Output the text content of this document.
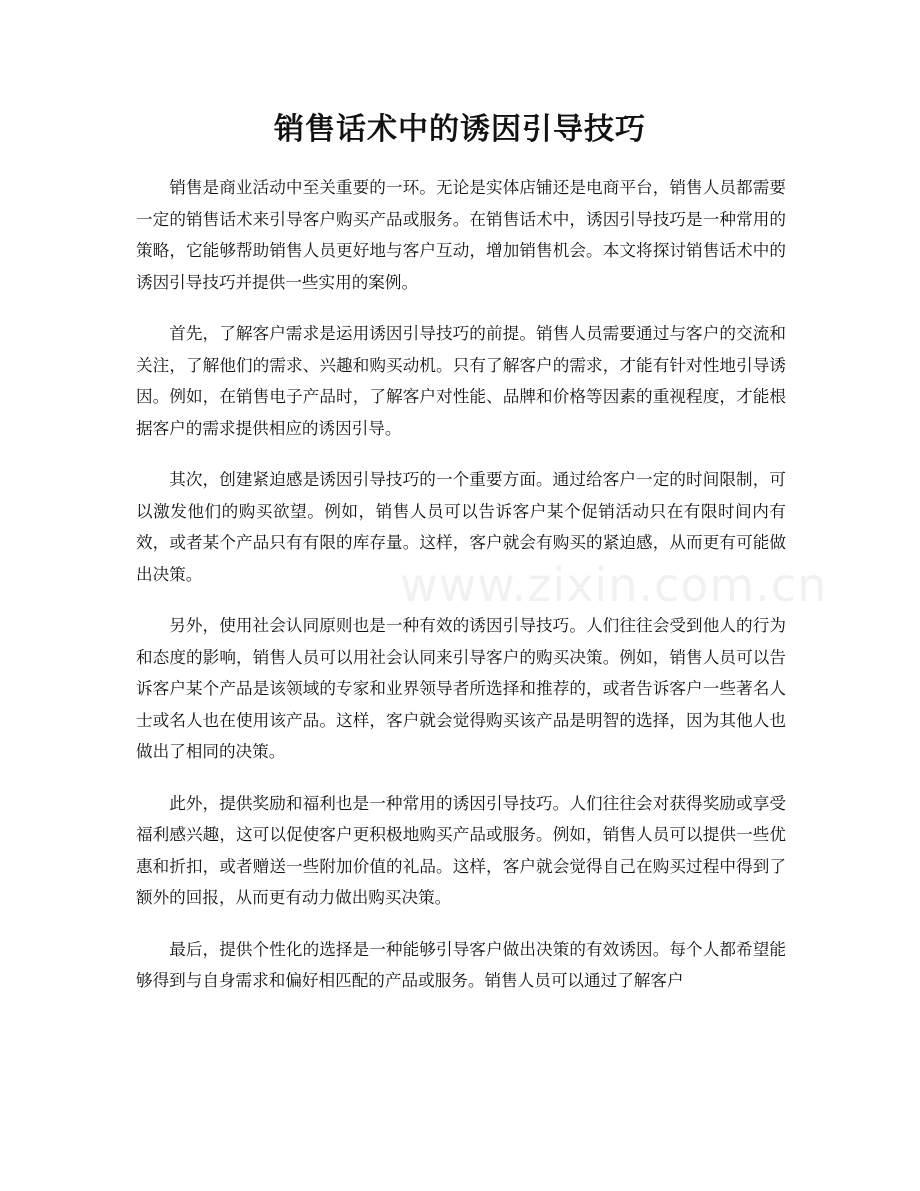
销售话术中的诱因引导技巧

销售是商业活动中至关重要的一环。无论是实体店铺还是电商平台，销售人员都需要一定的销售话术来引导客户购买产品或服务。在销售话术中，诱因引导技巧是一种常用的策略，它能够帮助销售人员更好地与客户互动，增加销售机会。本文将探讨销售话术中的诱因引导技巧并提供一些实用的案例。

首先，了解客户需求是运用诱因引导技巧的前提。销售人员需要通过与客户的交流和关注，了解他们的需求、兴趣和购买动机。只有了解客户的需求，才能有针对性地引导诱因。例如，在销售电子产品时，了解客户对性能、品牌和价格等因素的重视程度，才能根据客户的需求提供相应的诱因引导。

其次，创建紧迫感是诱因引导技巧的一个重要方面。通过给客户一定的时间限制，可以激发他们的购买欲望。例如，销售人员可以告诉客户某个促销活动只在有限时间内有效，或者某个产品只有有限的库存量。这样，客户就会有购买的紧迫感，从而更有可能做出决策。

另外，使用社会认同原则也是一种有效的诱因引导技巧。人们往往会受到他人的行为和态度的影响，销售人员可以用社会认同来引导客户的购买决策。例如，销售人员可以告诉客户某个产品是该领域的专家和业界领导者所选择和推荐的，或者告诉客户一些著名人士或名人也在使用该产品。这样，客户就会觉得购买该产品是明智的选择，因为其他人也做出了相同的决策。

此外，提供奖励和福利也是一种常用的诱因引导技巧。人们往往会对获得奖励或享受福利感兴趣，这可以促使客户更积极地购买产品或服务。例如，销售人员可以提供一些优惠和折扣，或者赠送一些附加价值的礼品。这样，客户就会觉得自己在购买过程中得到了额外的回报，从而更有动力做出购买决策。

最后，提供个性化的选择是一种能够引导客户做出决策的有效诱因。每个人都希望能够得到与自身需求和偏好相匹配的产品或服务。销售人员可以通过了解客户

www.zixin.com.cn
